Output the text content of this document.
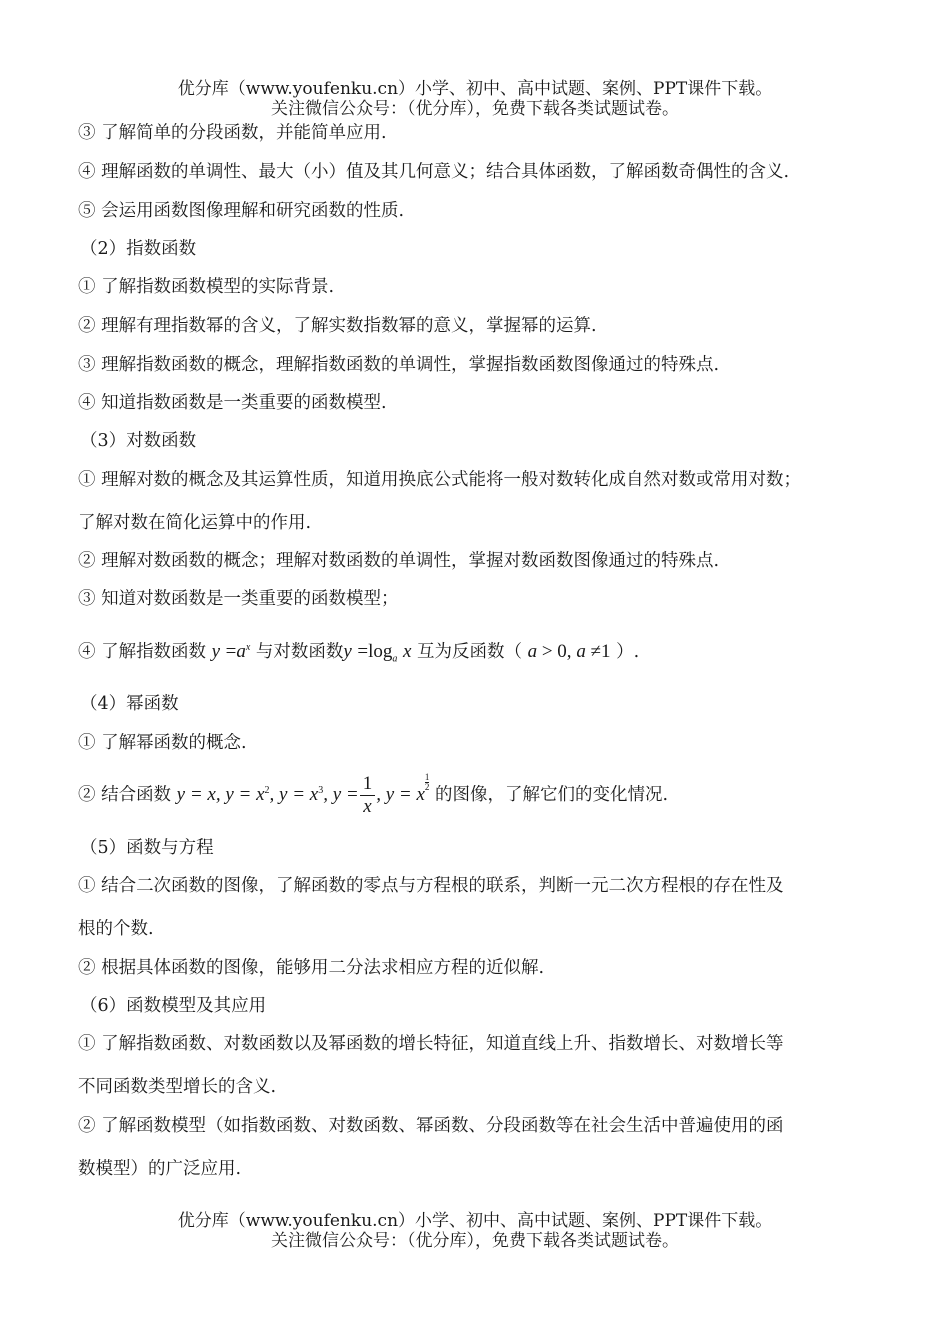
优分库（www.youfenku.cn）小学、初中、高中试题、案例、PPT课件下载。
关注微信公众号：（优分库），免费下载各类试题试卷。
③ 了解简单的分段函数，并能简单应用.
④ 理解函数的单调性、最大（小）值及其几何意义；结合具体函数，了解函数奇偶性的含义.
⑤ 会运用函数图像理解和研究函数的性质.
（2）指数函数
① 了解指数函数模型的实际背景.
② 理解有理指数幂的含义，了解实数指数幂的意义，掌握幂的运算.
③ 理解指数函数的概念，理解指数函数的单调性，掌握指数函数图像通过的特殊点.
④ 知道指数函数是一类重要的函数模型.
（3）对数函数
① 理解对数的概念及其运算性质，知道用换底公式能将一般对数转化成自然对数或常用对数；
了解对数在简化运算中的作用.
② 理解对数函数的概念；理解对数函数的单调性，掌握对数函数图像通过的特殊点.
③ 知道对数函数是一类重要的函数模型；
④ 了解指数函数 $y =a^x$ 与对数函数$y =\log_a$ x 互为反函数（ a > 0, a ≠1 ）.
（4）幂函数
① 了解幂函数的概念.
② 结合函数 y = x, $y = x^2$, $y = x^3$, $y = \frac{1}{x}$ , y = x
$\frac{1}{2}$
的图像，了解它们的变化情况.
（5）函数与方程
① 结合二次函数的图像，了解函数的零点与方程根的联系，判断一元二次方程根的存在性及
根的个数.
② 根据具体函数的图像，能够用二分法求相应方程的近似解.
（6）函数模型及其应用
① 了解指数函数、对数函数以及幂函数的增长特征，知道直线上升、指数增长、对数增长等
不同函数类型增长的含义.
② 了解函数模型（如指数函数、对数函数、幂函数、分段函数等在社会生活中普遍使用的函
数模型）的广泛应用.
优分库（www.youfenku.cn）小学、初中、高中试题、案例、PPT课件下载。
关注微信公众号：（优分库），免费下载各类试题试卷。
